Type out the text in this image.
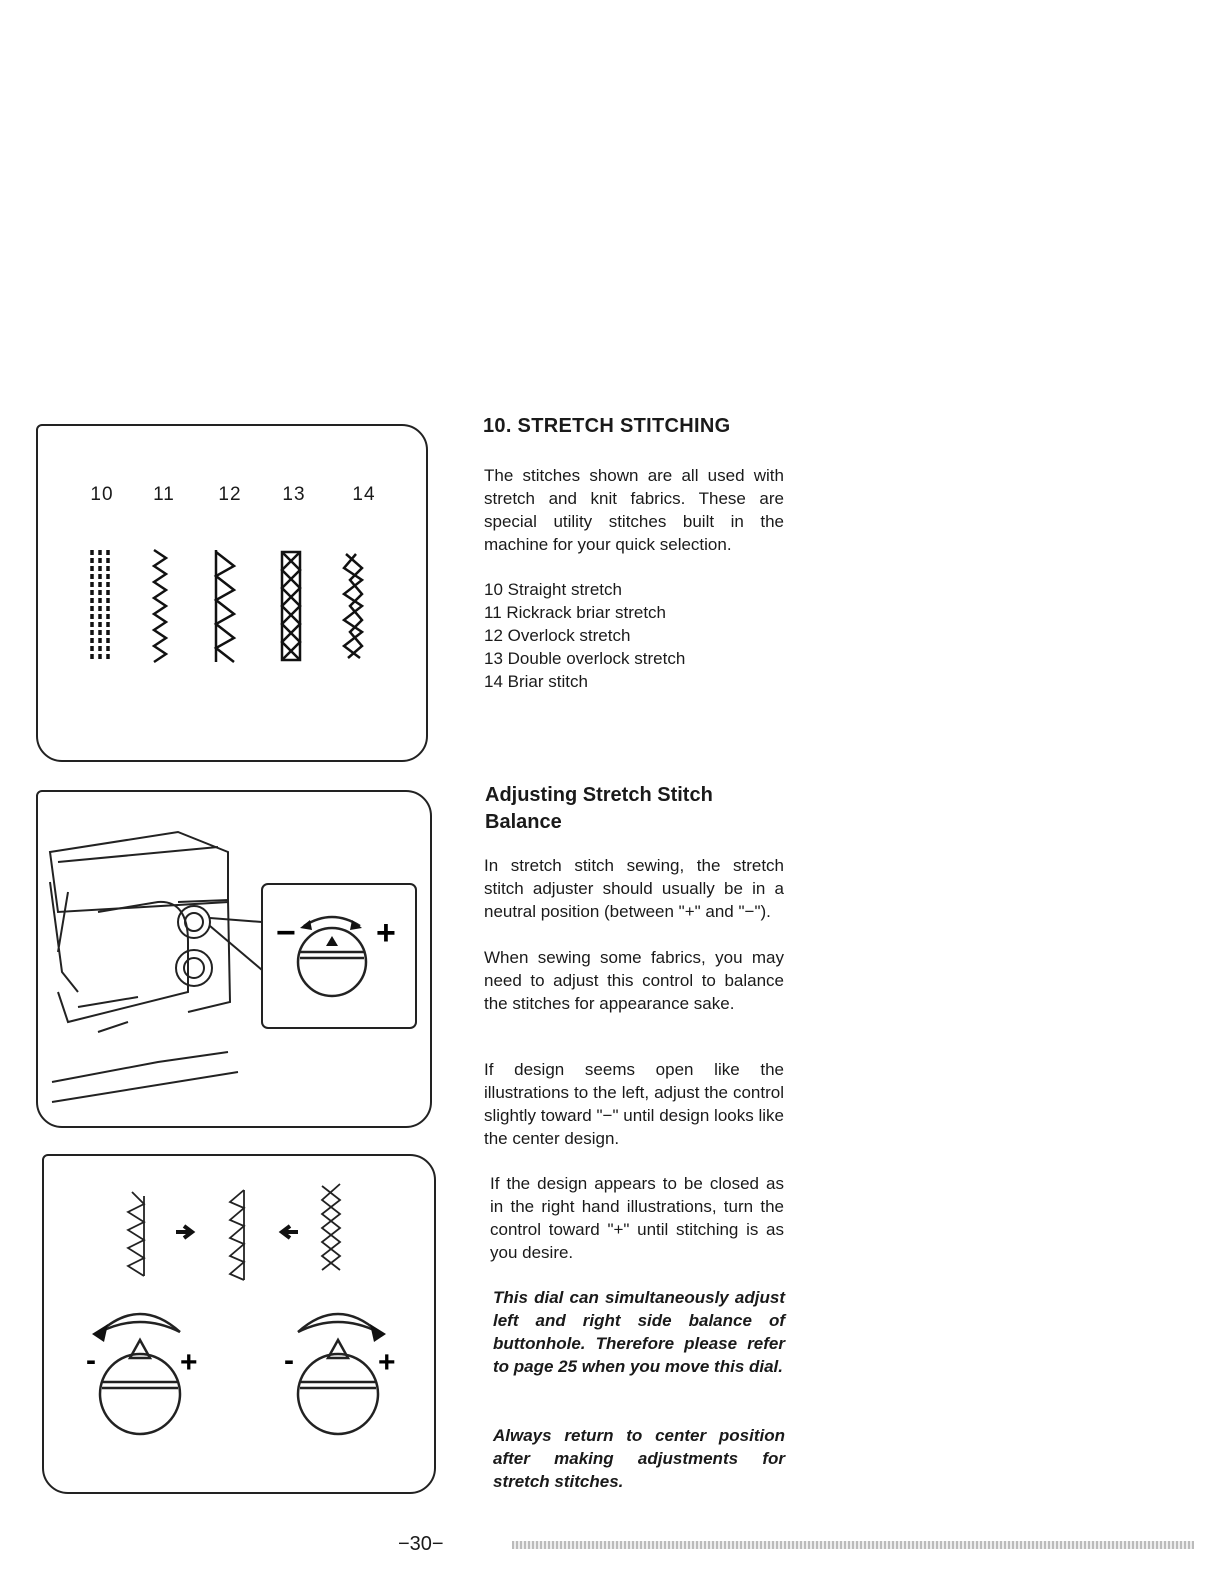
10	11	12	13	14
− +
-	+	-	+
10. STRETCH STITCHING

The stitches shown are all used with stretch and knit fabrics. These are special utility stitches built in the machine for your quick selection.

10 Straight stretch
11 Rickrack briar stretch
12 Overlock stretch
13 Double overlock stretch
14 Briar stitch
Adjusting Stretch Stitch Balance

In stretch stitch sewing, the stretch stitch adjuster should usually be in a neutral position (between "+" and "−").

When sewing some fabrics, you may need to adjust this control to balance the stitches for appearance sake.

If design seems open like the illustrations to the left, adjust the control slightly toward "−" until design looks like the center design.

If the design appears to be closed as in the right hand illustrations, turn the control toward "+" until stitching is as you desire.

This dial can simultaneously adjust left and right side balance of buttonhole. Therefore please refer to page 25 when you move this dial.

Always return to center position after making adjustments for stretch stitches.

−30−
